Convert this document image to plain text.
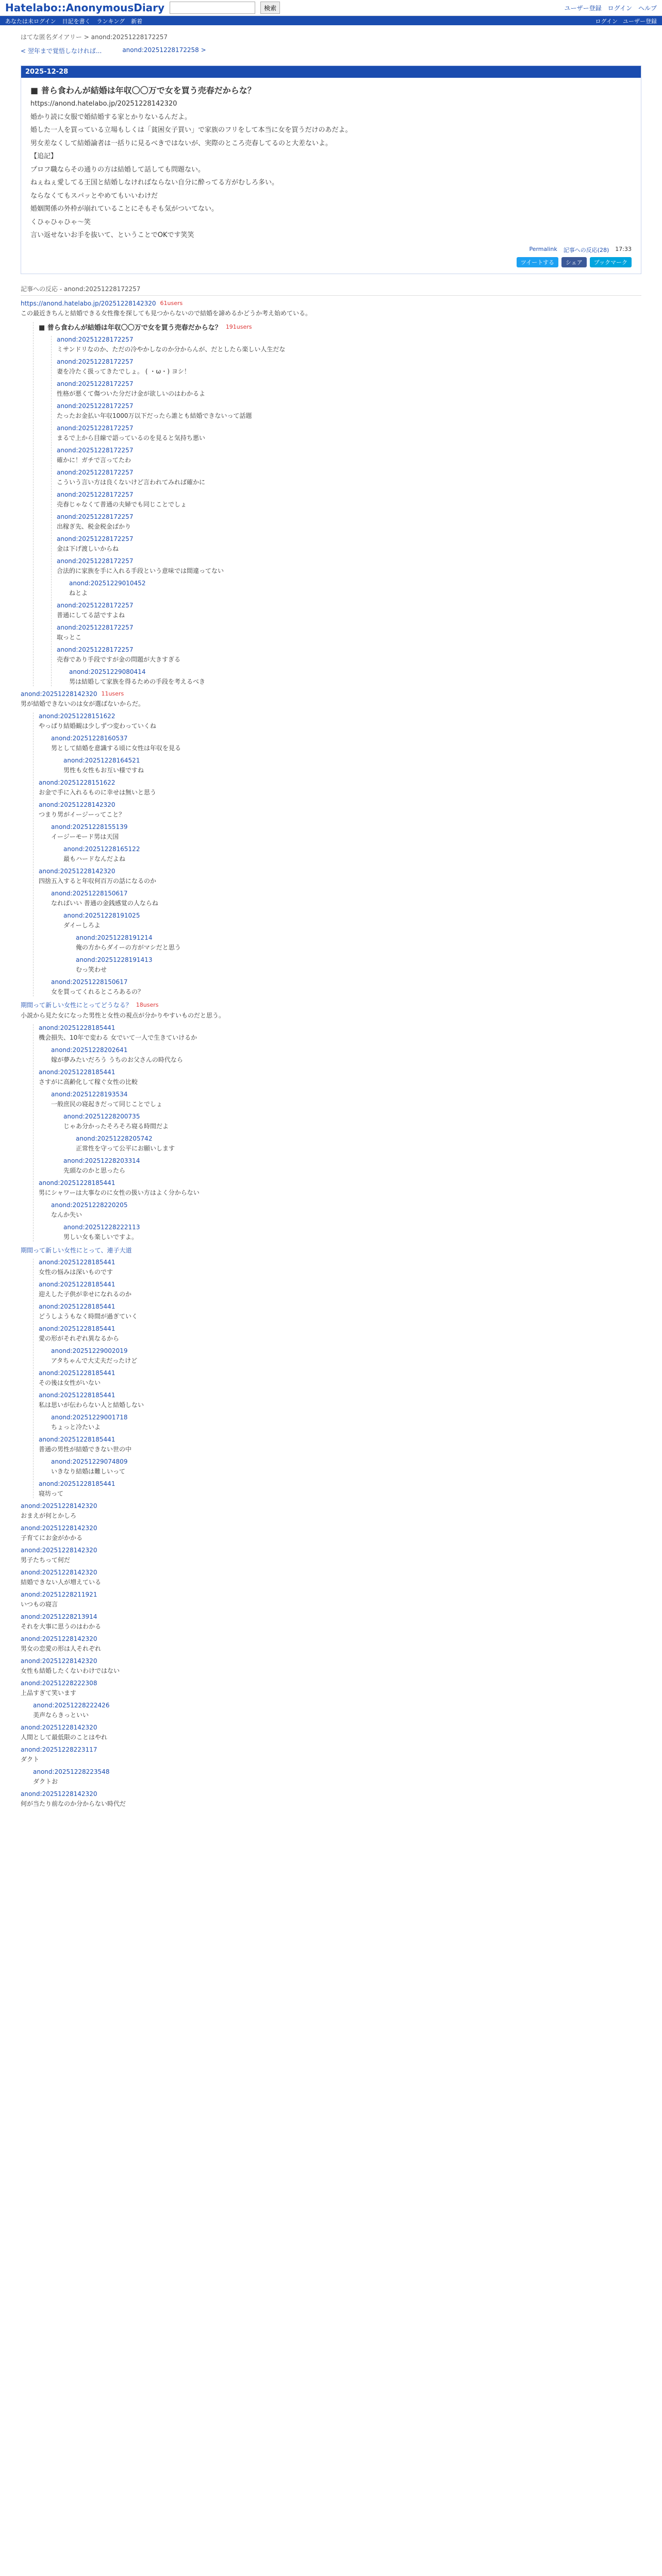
Hatelabo::AnonymousDiary	検索	ユーザー登録 ログイン ヘルプ
あなたは未ログイン 日記を書く ランキング 新着	ログイン ユーザー登録
はてな匿名ダイアリー > anond:20251228172257
< 翌年まで覚悟しなければ...	anond:20251228172258 >
2025-12-28
■ 普ら食わんが結婚は年収〇〇万で女を買う売春だからな？

https://anond.hatelabo.jp/20251228142320

婚かり読に女服で婚結婚する家とかりないるんだよ。

婚した一人を買っている立場もしくは「貧困女子買い」で家族のフリをして本当に女を買うだけのあだよ。

男女差なくして結婚論者は一括りに見るべきではないが、実際のところ売春してるのと大差ないよ。

【追記】

プロフ職ならその通りの方は結婚して話しても問題ない。

ねぇねぇ愛してる王国と結婚しなければならない自分に酔ってる方がむしろ多い。

ならなくてもスパッとやめてもいいわけだ

婚姻関係の外枠が崩れていることにそもそも気がついてない。

くひゃひゃひゃ〜笑

言い返せないお手を抜いて、ということでOKです笑笑

Permalink 記事への反応(28) 17:33
ツイートする	シェア	ブックマーク
記事への反応 - anond:20251228172257
https://anond.hatelabo.jp/20251228142320 61users
この最近きちんと結婚できる女性像を探しても見つからないので結婚を諦めるかどうか考え始めている。
■ 普ら食わんが結婚は年収〇〇万で女を買う売春だからな？ 191users
anond:20251228172257
ミサンドリなのか、ただの冷やかしなのか分からんが、だとしたら楽しい人生だな
anond:20251228172257
妻を冷たく扱ってきたでしょ。 ( ・ω・) ヨシ！
anond:20251228172257
性格が悪くて傷ついた分だけ金が欲しいのはわかるよ
anond:20251228172257
たったお金払い年収1000万以下だったら誰とも結婚できないって話題
anond:20251228172257
まるで上から目線で語っているのを見ると気持ち悪い
anond:20251228172257
確かに！ガチで言ってたわ
anond:20251228172257
こういう言い方は良くないけど言われてみれば確かに
anond:20251228172257
売春じゃなくて普通の夫婦でも同じことでしょ
anond:20251228172257
出稼ぎ先、税金税金ばかり
anond:20251228172257
金は下げ渡しいからね
anond:20251228172257
合法的に家族を手に入れる手段という意味では間違ってない
anond:20251229010452
ねとよ
anond:20251228172257
普通にしてる話ですよね
anond:20251228172257
取っとこ
anond:20251228172257
売春であり手段ですが金の問題が大きすぎる
anond:20251229080414
男は結婚して家族を得るための手段を考えるべき
anond:20251228142320 11users
男が結婚できないのは女が選ばないからだ。
anond:20251228151622
やっぱり結婚観は少しずつ変わっていくね
anond:20251228160537
男として結婚を意識する頃に女性は年収を見る
anond:20251228164521
男性も女性もお互い様ですね
anond:20251228151622
お金で手に入れるものに幸せは無いと思う
anond:20251228142320
つまり男がイージーってこと？
anond:20251228155139
イージーモード男は天国
anond:20251228165122
最もハードなんだよね
anond:20251228142320
四捨五入すると年収何百万の話になるのか
anond:20251228150617
なればいい 普通の金銭感覚の人ならね
anond:20251228191025
ダイーしろよ
anond:20251228191214
俺の方からダイーの方がマシだと思う
anond:20251228191413
むっ笑わせ
anond:20251228150617
女を買ってくれるところあるの？
期間って新しい女性にとってどうなる？ 18users
小説から見た女になった男性と女性の視点が分かりやすいものだと思う。
anond:20251228185441
機会損失、10年で変わる 女でいて一人で生きていけるか
anond:20251228202641
嫁が夢みたいだろう うちのお父さんの時代なら
anond:20251228185441
さすがに高齢化して稼ぐ女性の比較
anond:20251228193534
一般庶民の寝起きだって同じことでしょ
anond:20251228200735
じゃあ分かったそろそろ寝る時間だよ
anond:20251228205742
正常性を守って公平にお願いします
anond:20251228203314
先頭なのかと思ったら
anond:20251228185441
男にシャワーは大事なのに女性の扱い方はよく分からない
anond:20251228220205
なんか失い
anond:20251228222113
男しい女も楽しいですよ。
期間って新しい女性にとって、連子大道
anond:20251228185441
女性の悩みは深いものです
anond:20251228185441
迎えした子供が幸せになれるのか
anond:20251228185441
どうしようもなく時間が過ぎていく
anond:20251228185441
愛の形がそれぞれ異なるから
anond:20251229002019
アタちゃんで大丈夫だったけど
anond:20251228185441
その後は女性がいない
anond:20251228185441
私は思いが伝わらない人と結婚しない
anond:20251229001718
ちょっと冷たいよ
anond:20251228185441
普通の男性が結婚できない世の中
anond:20251229074809
いきなり結婚は難しいって
anond:20251228185441
寝坊って
anond:20251228142320
おまえが何とかしろ
anond:20251228142320
子育てにお金がかかる
anond:20251228142320
男子たちって何だ
anond:20251228142320
結婚できない人が増えている
anond:20251228211921
いつもの寝言
anond:20251228213914
それを大事に思うのはわかる
anond:20251228142320
男女の恋愛の形は人それぞれ
anond:20251228142320
女性も結婚したくないわけではない
anond:20251228222308
上品すぎて笑います
anond:20251228222426
美声ならきっといい
anond:20251228142320
人間として最低限のことはやれ
anond:20251228223117
ダクト
anond:20251228223548
ダクトお
anond:20251228142320
何が当たり前なのか分からない時代だ
